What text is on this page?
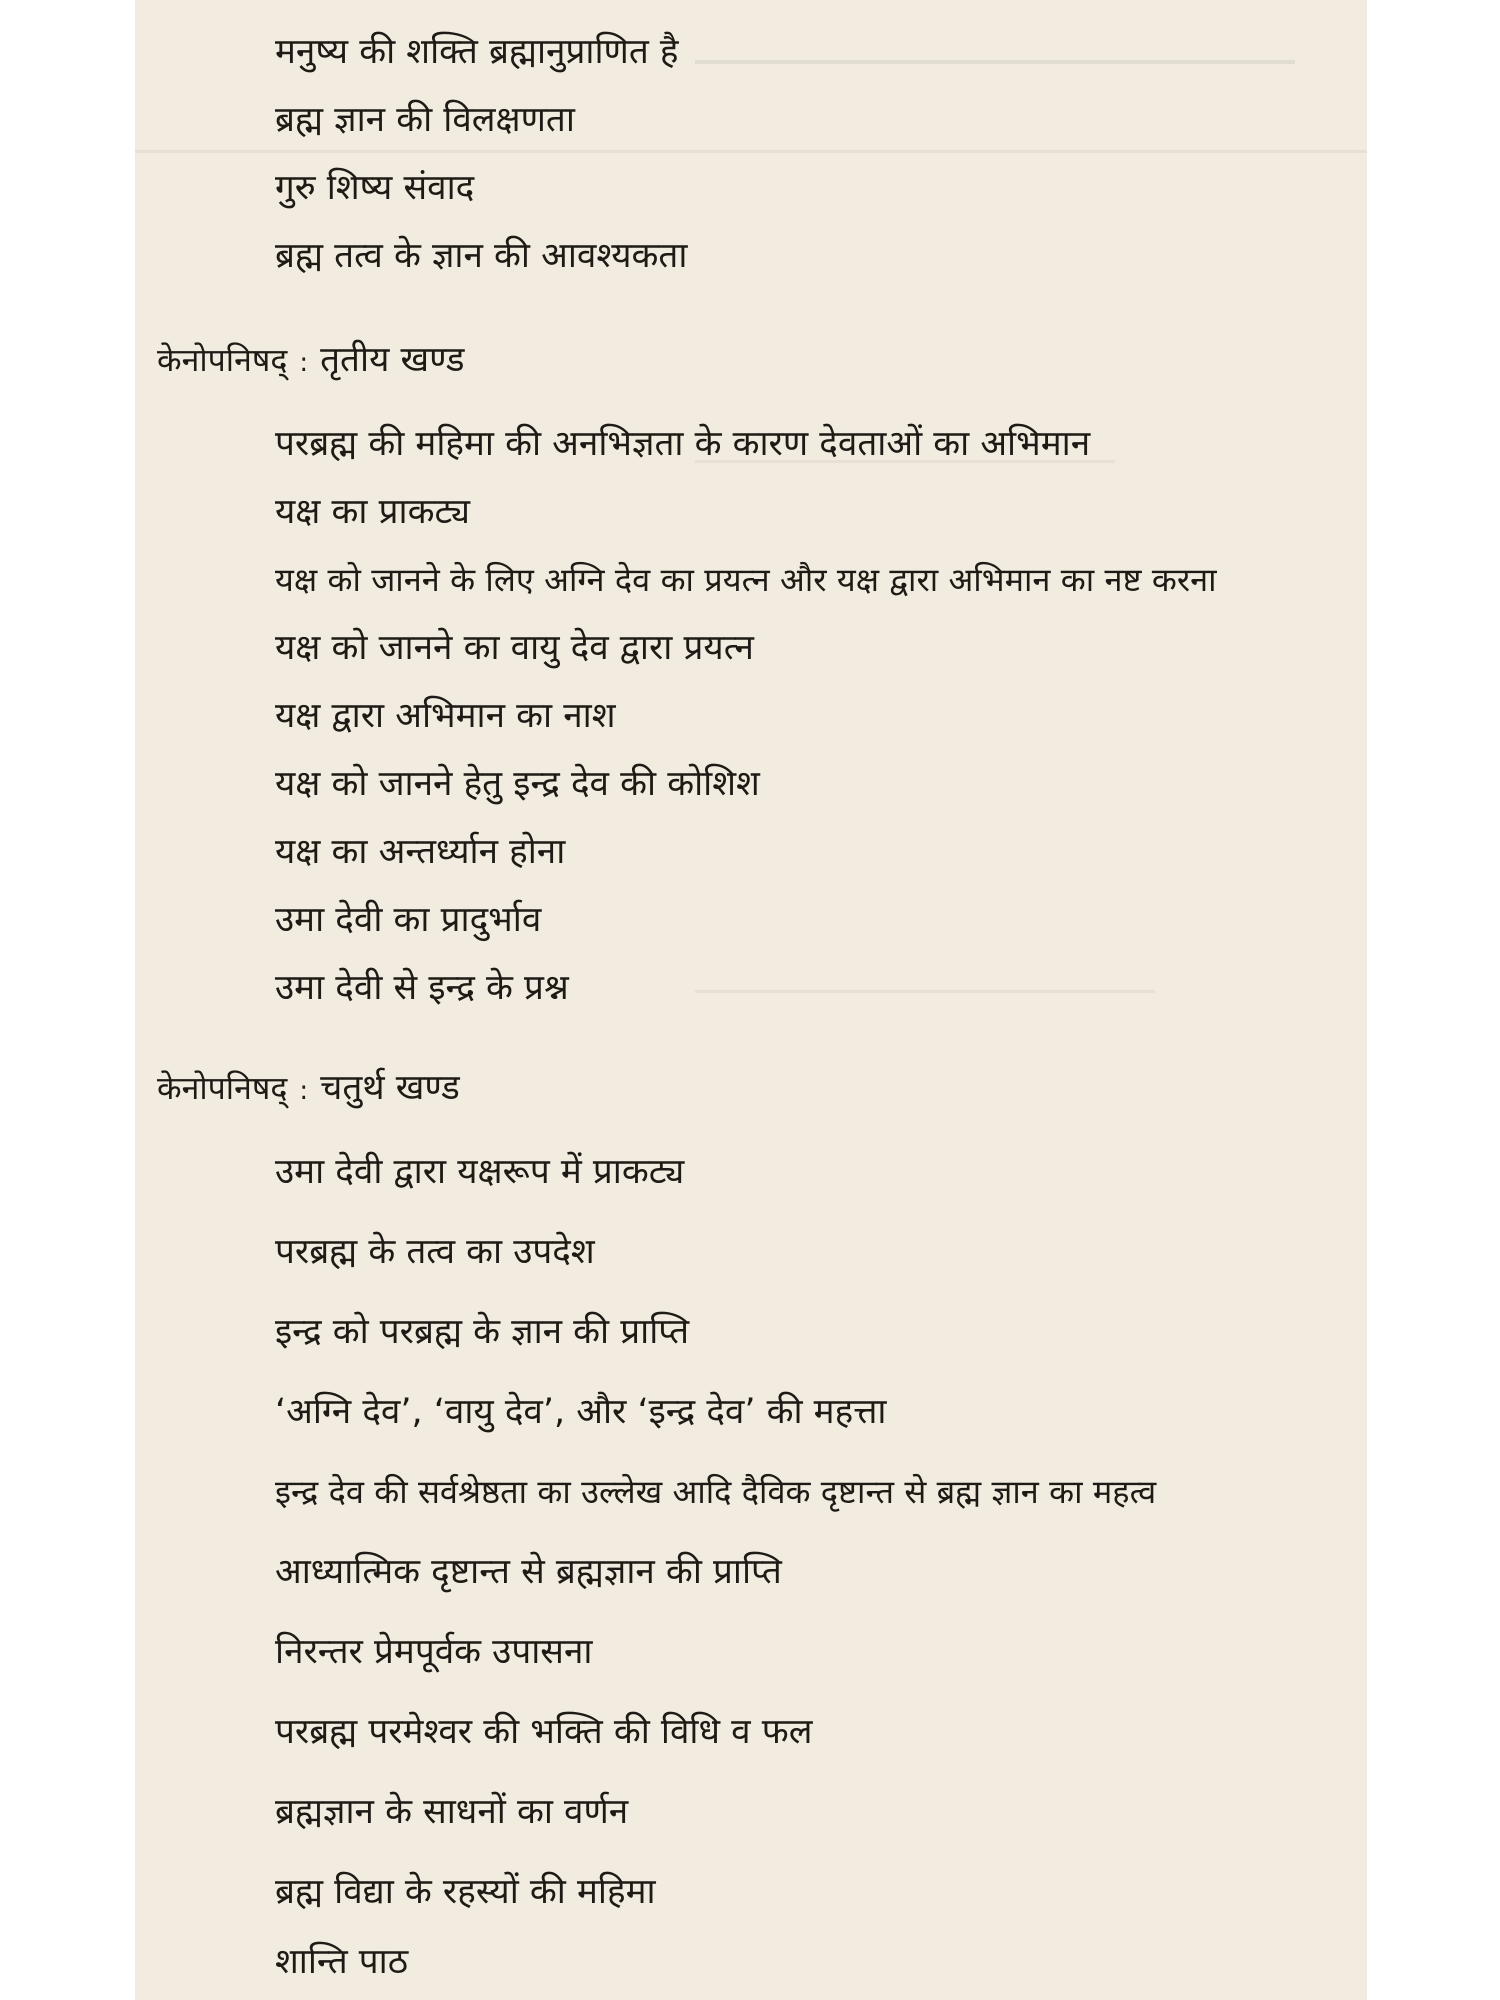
मनुष्य की शक्ति ब्रह्मानुप्राणित है
ब्रह्म ज्ञान की विलक्षणता
गुरु शिष्य संवाद
ब्रह्म तत्व के ज्ञान की आवश्यकता
केनोपनिषद् : तृतीय खण्ड
परब्रह्म की महिमा की अनभिज्ञता के कारण देवताओं का अभिमान
यक्ष का प्राकट्य
यक्ष को जानने के लिए अग्नि देव का प्रयत्न और यक्ष द्वारा अभिमान का नष्ट करना
यक्ष को जानने का वायु देव द्वारा प्रयत्न
यक्ष द्वारा अभिमान का नाश
यक्ष को जानने हेतु इन्द्र देव की कोशिश
यक्ष का अन्तर्ध्यान होना
उमा देवी का प्रादुर्भाव
उमा देवी से इन्द्र के प्रश्न
केनोपनिषद् : चतुर्थ खण्ड
उमा देवी द्वारा यक्षरूप में प्राकट्य
परब्रह्म के तत्व का उपदेश
इन्द्र को परब्रह्म के ज्ञान की प्राप्ति
‘अग्नि देव’, ‘वायु देव’, और ‘इन्द्र देव’ की महत्ता
इन्द्र देव की सर्वश्रेष्ठता का उल्लेख आदि दैविक दृष्टान्त से ब्रह्म ज्ञान का महत्व
आध्यात्मिक दृष्टान्त से ब्रह्मज्ञान की प्राप्ति
निरन्तर प्रेमपूर्वक उपासना
परब्रह्म परमेश्वर की भक्ति की विधि व फल
ब्रह्मज्ञान के साधनों का वर्णन
ब्रह्म विद्या के रहस्यों की महिमा
शान्ति पाठ
